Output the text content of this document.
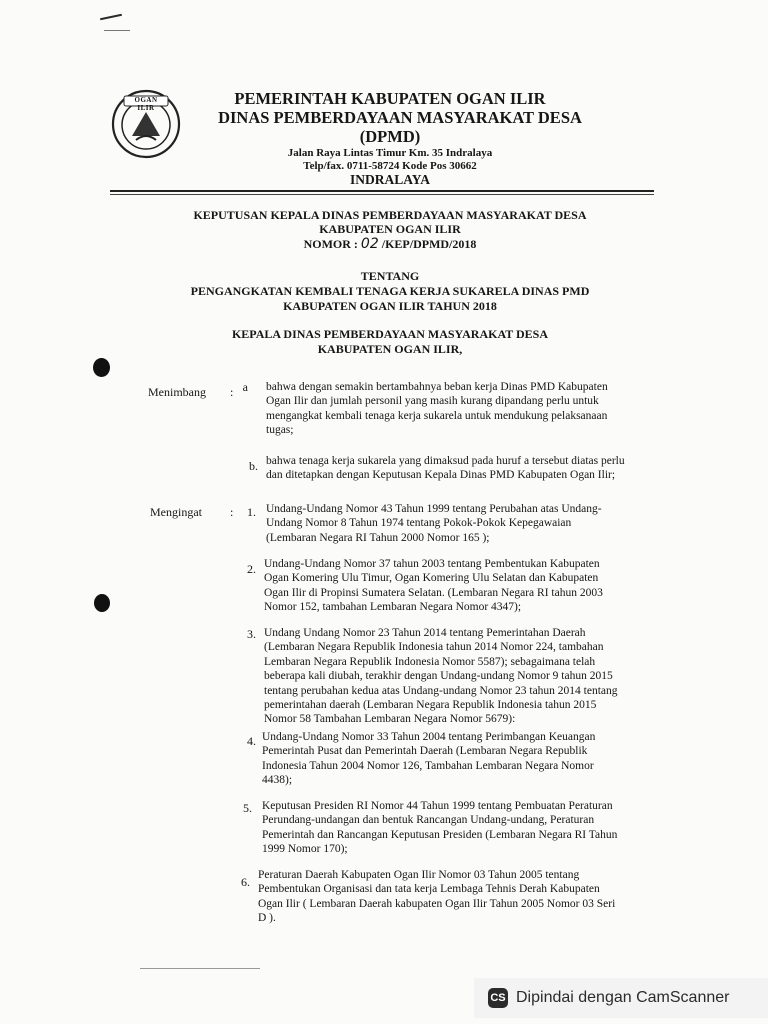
OGAN ILIR	PEMERINTAH KABUPATEN OGAN ILIR
DINAS PEMBERDAYAAN MASYARAKAT DESA
(DPMD)
Jalan Raya Lintas Timur Km. 35 Indralaya
Telp/fax. 0711-58724 Kode Pos 30662
INDRALAYA
KEPUTUSAN KEPALA DINAS PEMBERDAYAAN MASYARAKAT DESA
KABUPATEN OGAN ILIR
NOMOR : 02 /KEP/DPMD/2018
TENTANG
PENGANGKATAN KEMBALI TENAGA KERJA SUKARELA DINAS PMD
KABUPATEN OGAN ILIR TAHUN 2018
KEPALA DINAS PEMBERDAYAAN MASYARAKAT DESA
KABUPATEN OGAN ILIR,
Menimbang : a bahwa dengan semakin bertambahnya beban kerja Dinas PMD Kabupaten
Ogan Ilir dan jumlah personil yang masih kurang dipandang perlu untuk
mengangkat kembali tenaga kerja sukarela untuk mendukung pelaksanaan
tugas;
b. bahwa tenaga kerja sukarela yang dimaksud pada huruf a tersebut diatas perlu
dan ditetapkan dengan Keputusan Kepala Dinas PMD Kabupaten Ogan Ilir;
Mengingat : 1. Undang-Undang Nomor 43 Tahun 1999 tentang Perubahan atas Undang-
Undang Nomor 8 Tahun 1974 tentang Pokok-Pokok Kepegawaian
(Lembaran Negara RI Tahun 2000 Nomor 165 );
2. Undang-Undang Nomor 37 tahun 2003 tentang Pembentukan Kabupaten
Ogan Komering Ulu Timur, Ogan Komering Ulu Selatan dan Kabupaten
Ogan Ilir di Propinsi Sumatera Selatan. (Lembaran Negara RI tahun 2003
Nomor 152, tambahan Lembaran Negara Nomor 4347);
3. Undang Undang Nomor 23 Tahun 2014 tentang Pemerintahan Daerah
(Lembaran Negara Republik Indonesia tahun 2014 Nomor 224, tambahan
Lembaran Negara Republik Indonesia Nomor 5587); sebagaimana telah
beberapa kali diubah, terakhir dengan Undang-undang Nomor 9 tahun 2015
tentang perubahan kedua atas Undang-undang Nomor 23 tahun 2014 tentang
pemerintahan daerah (Lembaran Negara Republik Indonesia tahun 2015
Nomor 58 Tambahan Lembaran Negara Nomor 5679):
4. Undang-Undang Nomor 33 Tahun 2004 tentang Perimbangan Keuangan
Pemerintah Pusat dan Pemerintah Daerah (Lembaran Negara Republik
Indonesia Tahun 2004 Nomor 126, Tambahan Lembaran Negara Nomor
4438);
5. Keputusan Presiden RI Nomor 44 Tahun 1999 tentang Pembuatan Peraturan
Perundang-undangan dan bentuk Rancangan Undang-undang, Peraturan
Pemerintah dan Rancangan Keputusan Presiden (Lembaran Negara RI Tahun
1999 Nomor 170);
6. Peraturan Daerah Kabupaten Ogan Ilir Nomor 03 Tahun 2005 tentang
Pembentukan Organisasi dan tata kerja Lembaga Tehnis Derah Kabupaten
Ogan Ilir ( Lembaran Daerah kabupaten Ogan Ilir Tahun 2005 Nomor 03 Seri
D ).
CS Dipindai dengan CamScanner
